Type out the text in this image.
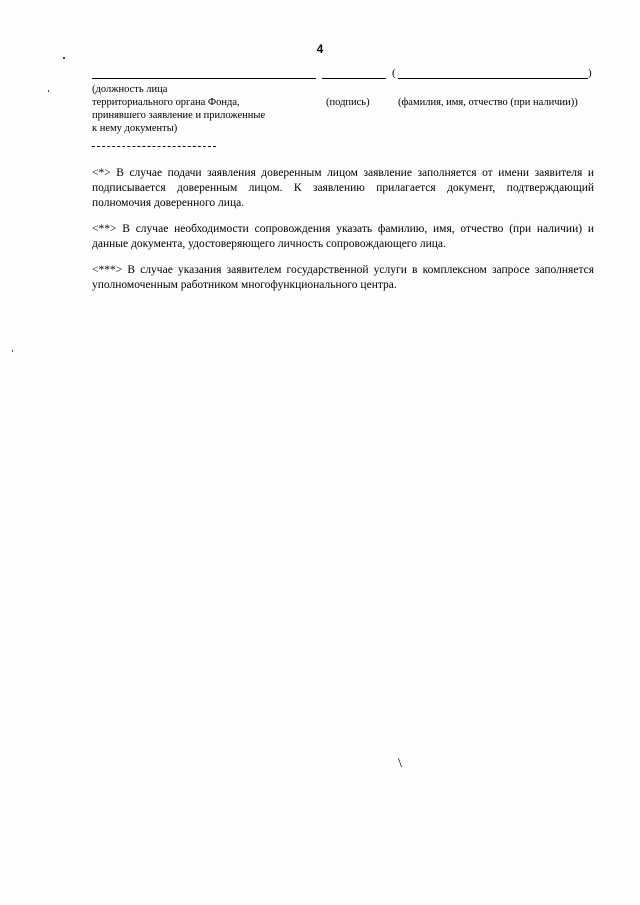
4
(	)
(должность лица
территориального органа Фонда,
принявшего заявление и приложенные
к нему документы)
(подпись)	(фамилия, имя, отчество (при наличии))

<*> В случае подачи заявления доверенным лицом заявление заполняется от имени заявителя и подписывается доверенным лицом. К заявлению прилагается документ, подтверждающий полномочия доверенного лица.

<**> В случае необходимости сопровождения указать фамилию, имя, отчество (при наличии) и данные документа, удостоверяющего личность сопровождающего лица.

<***> В случае указания заявителем государственной услуги в комплексном запросе заполняется уполномоченным работником многофункционального центра.

\
